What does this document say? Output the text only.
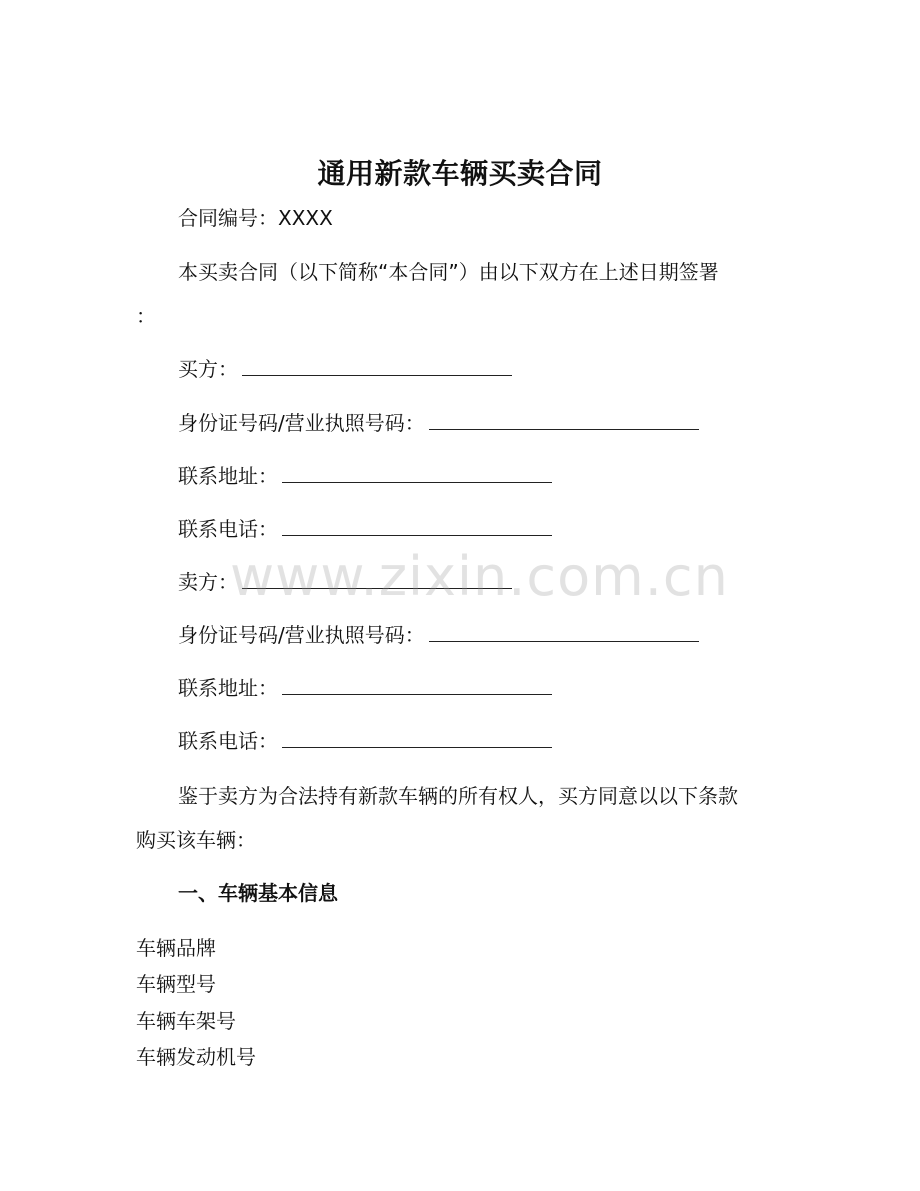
通用新款车辆买卖合同
合同编号：XXXX
本买卖合同（以下简称“本合同”）由以下双方在上述日期签署
：
买方：
身份证号码/营业执照号码：
联系地址：
联系电话：
卖方：
身份证号码/营业执照号码：
联系地址：
联系电话：
鉴于卖方为合法持有新款车辆的所有权人，买方同意以以下条款
购买该车辆：
一、车辆基本信息
车辆品牌
车辆型号
车辆车架号
车辆发动机号
www.zixin.com.cn
